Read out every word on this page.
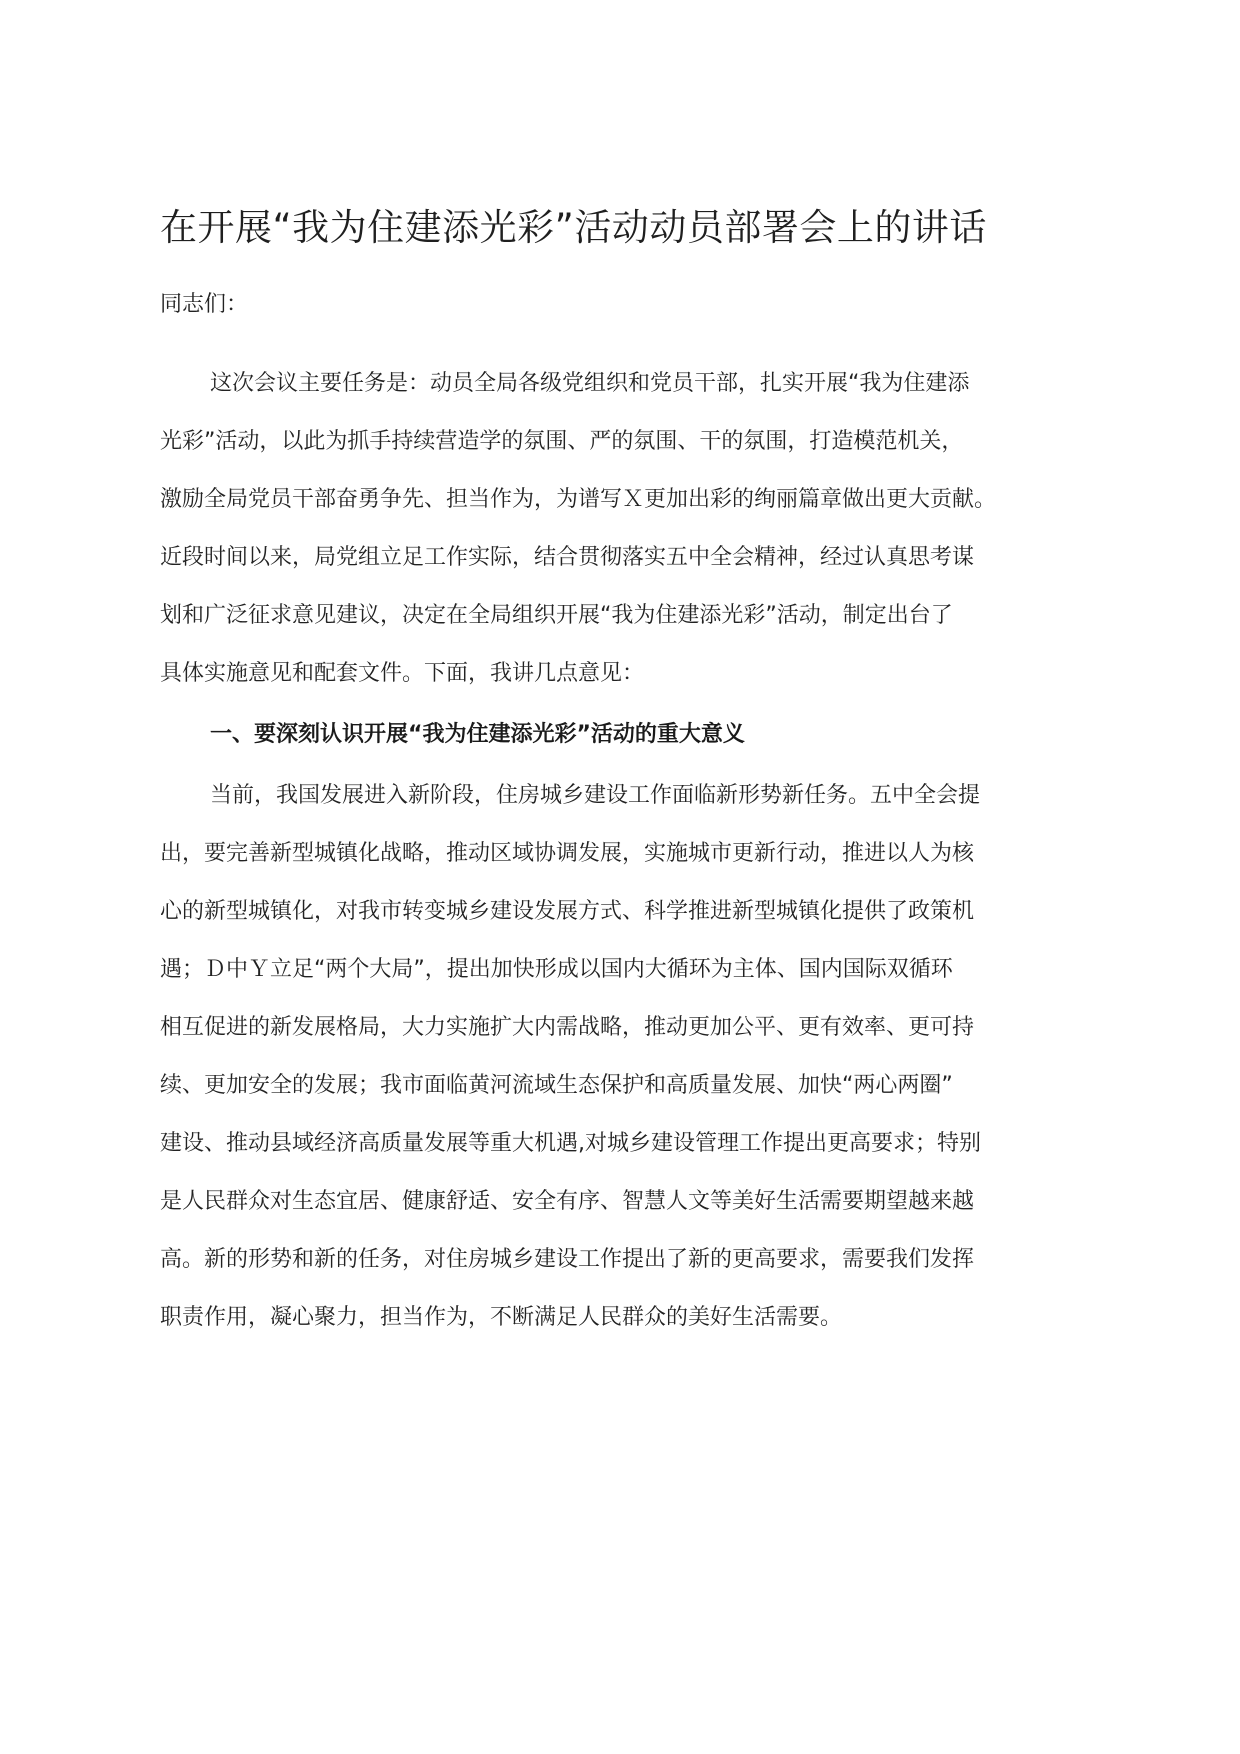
在开展“我为住建添光彩”活动动员部署会上的讲话

同志们：

这次会议主要任务是：动员全局各级党组织和党员干部，扎实开展“我为住建添

光彩”活动，以此为抓手持续营造学的氛围、严的氛围、干的氛围，打造模范机关，

激励全局党员干部奋勇争先、担当作为，为谱写Ｘ更加出彩的绚丽篇章做出更大贡献。

近段时间以来，局党组立足工作实际，结合贯彻落实五中全会精神，经过认真思考谋

划和广泛征求意见建议，决定在全局组织开展“我为住建添光彩”活动，制定出台了

具体实施意见和配套文件。下面，我讲几点意见：

一、要深刻认识开展“我为住建添光彩”活动的重大意义

当前，我国发展进入新阶段，住房城乡建设工作面临新形势新任务。五中全会提

出，要完善新型城镇化战略，推动区域协调发展，实施城市更新行动，推进以人为核

心的新型城镇化，对我市转变城乡建设发展方式、科学推进新型城镇化提供了政策机

遇；Ｄ中Ｙ立足“两个大局”，提出加快形成以国内大循环为主体、国内国际双循环

相互促进的新发展格局，大力实施扩大内需战略，推动更加公平、更有效率、更可持

续、更加安全的发展；我市面临黄河流域生态保护和高质量发展、加快“两心两圈”

建设、推动县域经济高质量发展等重大机遇,对城乡建设管理工作提出更高要求；特别

是人民群众对生态宜居、健康舒适、安全有序、智慧人文等美好生活需要期望越来越

高。新的形势和新的任务，对住房城乡建设工作提出了新的更高要求，需要我们发挥

职责作用，凝心聚力，担当作为，不断满足人民群众的美好生活需要。
